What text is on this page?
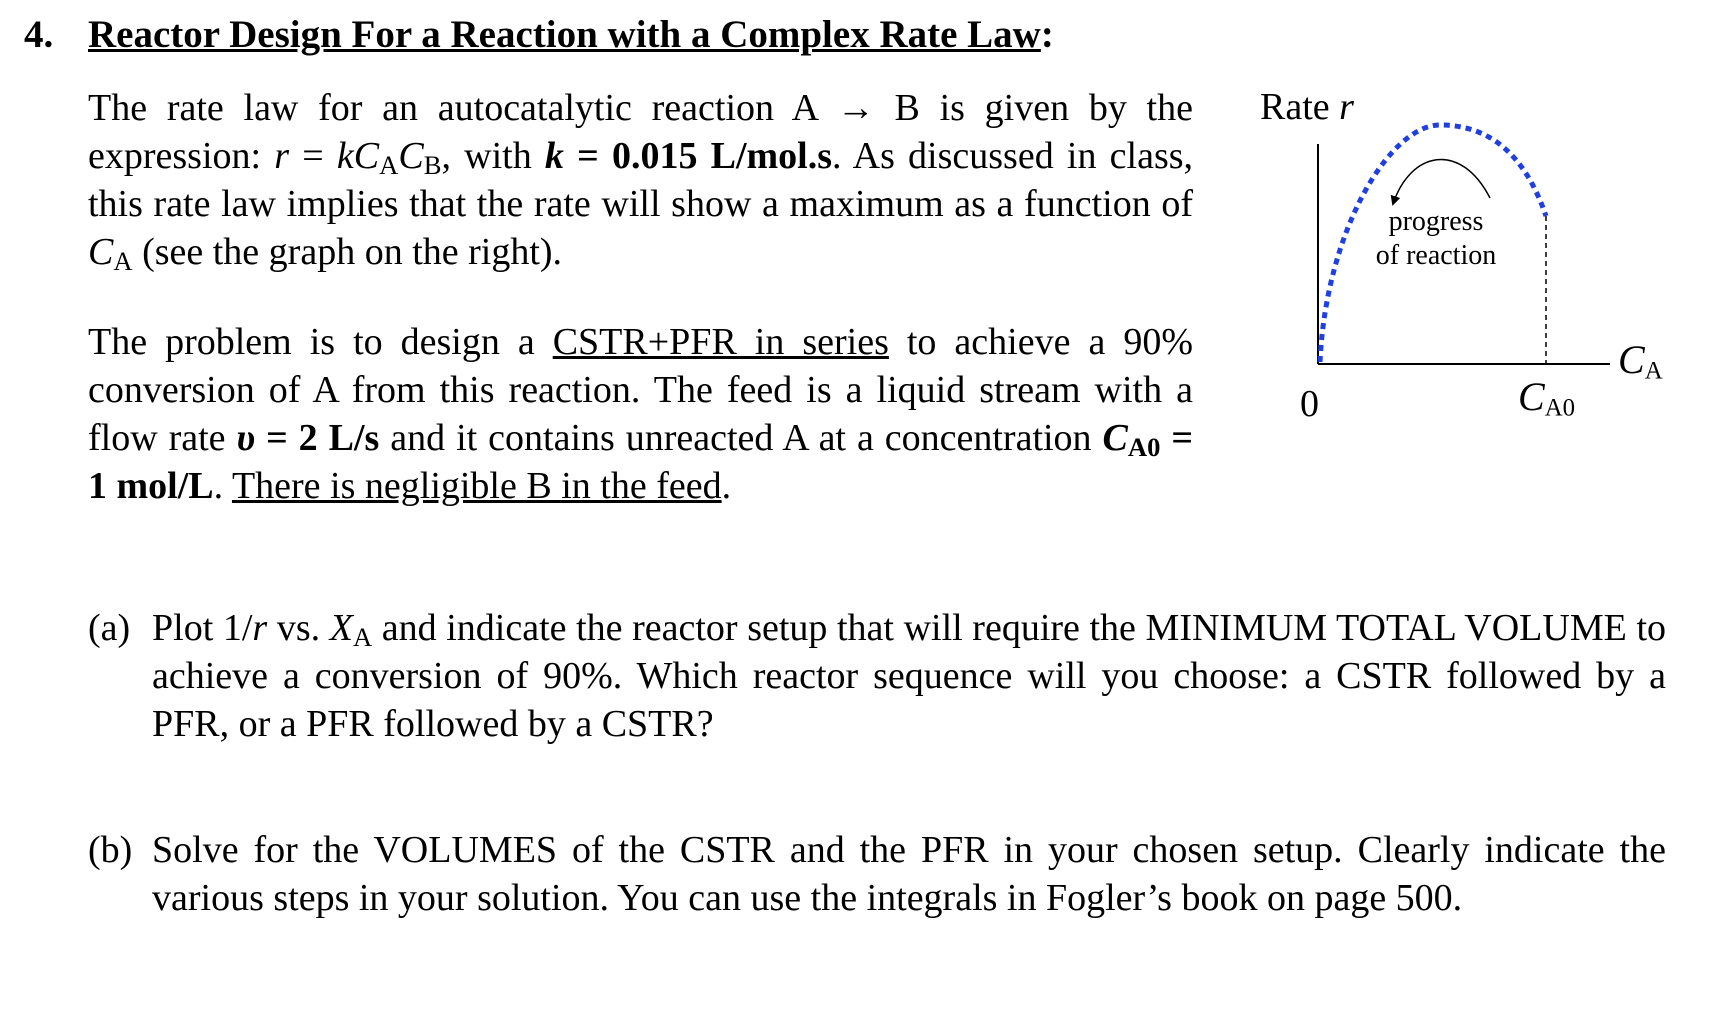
4. Reactor Design For a Reaction with a Complex Rate Law:

The rate law for an autocatalytic reaction A → B is given by the expression: $r = kC_AC_B$, with k = 0.015 L/mol.s. As discussed in class, this rate law implies that the rate will show a maximum as a function of $C_A$ (see the graph on the right).

The problem is to design a CSTR+PFR in series to achieve a 90% conversion of A from this reaction. The feed is a liquid stream with a flow rate υ = 2 L/s and it contains unreacted A at a concentration $C_{A0} = 1$ mol/L. There is negligible B in the feed.

Rate r
progress
of reaction
0	$C_{A0}$
$C_A$
(a) Plot 1/r vs. $X_A$ and indicate the reactor setup that will require the MINIMUM TOTAL VOLUME to achieve a conversion of 90%. Which reactor sequence will you choose: a CSTR followed by a PFR, or a PFR followed by a CSTR?
(b) Solve for the VOLUMES of the CSTR and the PFR in your chosen setup. Clearly indicate the various steps in your solution. You can use the integrals in Fogler’s book on page 500.
